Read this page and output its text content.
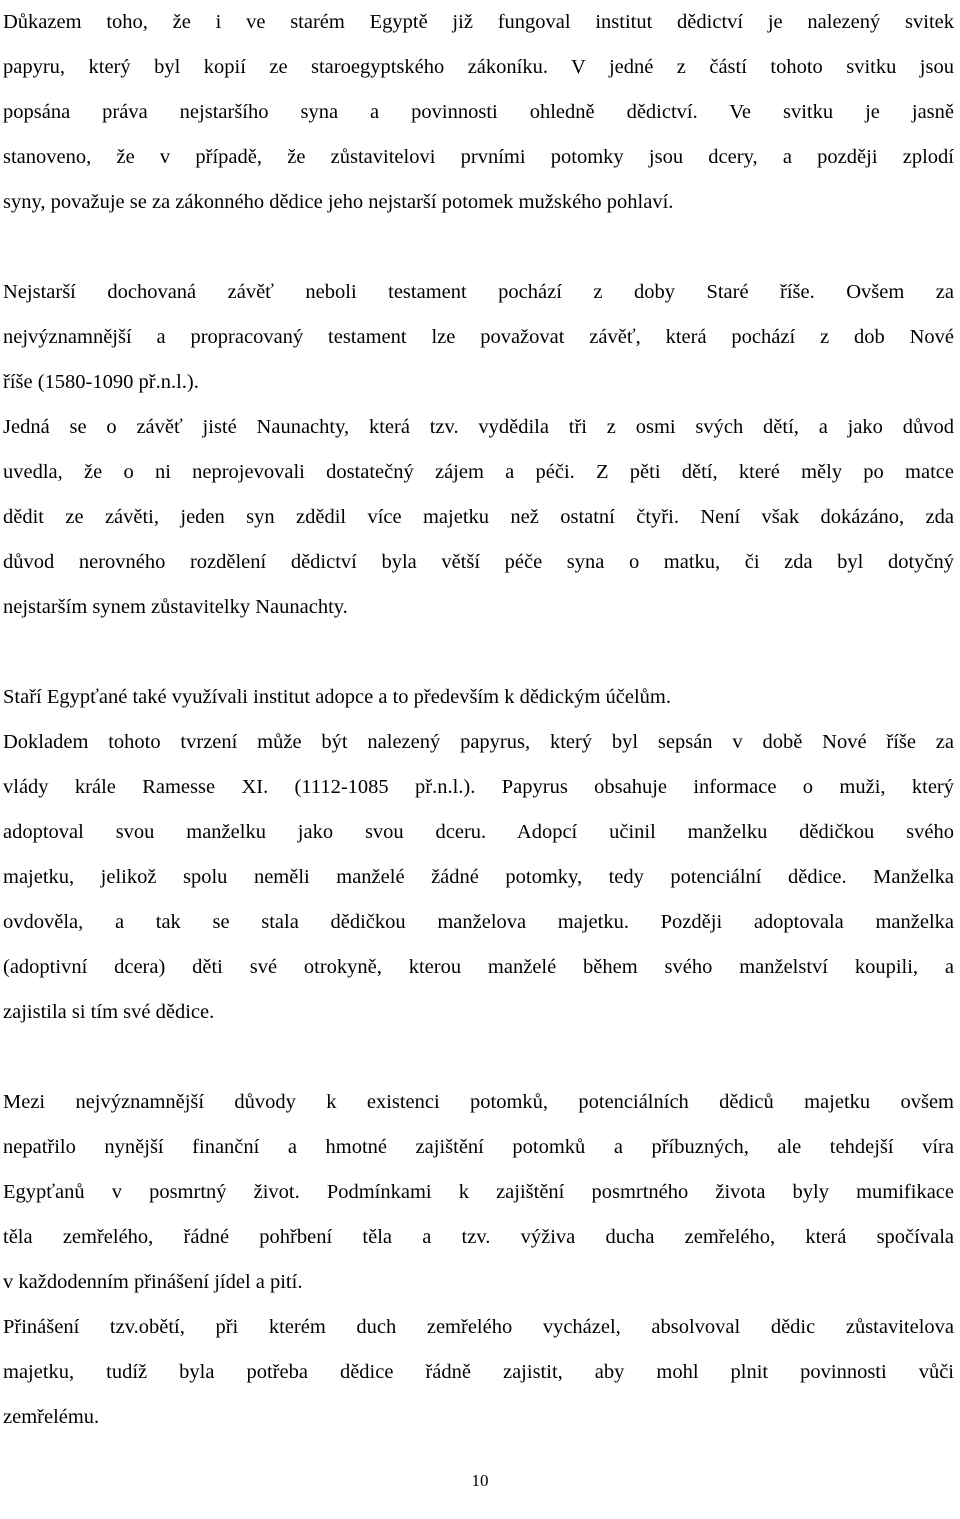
Důkazem toho, že i ve starém Egyptě již fungoval institut dědictví je nalezený svitek
papyru, který byl kopií ze staroegyptského zákoníku. V jedné z částí tohoto svitku jsou
popsána práva nejstaršího syna a povinnosti ohledně dědictví. Ve svitku je jasně
stanoveno, že v případě, že zůstavitelovi prvními potomky jsou dcery, a později zplodí
syny, považuje se za zákonného dědice jeho nejstarší potomek mužského pohlaví.
Nejstarší dochovaná závěť neboli testament pochází z doby Staré říše. Ovšem za
nejvýznamnější a propracovaný testament lze považovat závěť, která pochází z dob Nové
říše (1580-1090 př.n.l.).
Jedná se o závěť jisté Naunachty, která tzv. vydědila tři z osmi svých dětí, a jako důvod
uvedla, že o ni neprojevovali dostatečný zájem a péči. Z pěti dětí, které měly po matce
dědit ze závěti, jeden syn zdědil více majetku než ostatní čtyři. Není však dokázáno, zda
důvod nerovného rozdělení dědictví byla větší péče syna o matku, či zda byl dotyčný
nejstarším synem zůstavitelky Naunachty.
Staří Egypťané také využívali institut adopce a to především k dědickým účelům.
Dokladem tohoto tvrzení může být nalezený papyrus, který byl sepsán v době Nové říše za
vlády krále Ramesse XI. (1112-1085 př.n.l.). Papyrus obsahuje informace o muži, který
adoptoval svou manželku jako svou dceru. Adopcí učinil manželku dědičkou svého
majetku, jelikož spolu neměli manželé žádné potomky, tedy potenciální dědice. Manželka
ovdověla, a tak se stala dědičkou manželova majetku. Později adoptovala manželka
(adoptivní dcera) děti své otrokyně, kterou manželé během svého manželství koupili, a
zajistila si tím své dědice.
Mezi nejvýznamnější důvody k existenci potomků, potenciálních dědiců majetku ovšem
nepatřilo nynější finanční a hmotné zajištění potomků a příbuzných, ale tehdejší víra
Egypťanů v posmrtný život. Podmínkami k zajištění posmrtného života byly mumifikace
těla zemřelého, řádné pohřbení těla a tzv. výživa ducha zemřelého, která spočívala
v každodenním přinášení jídel a pití.
Přinášení tzv.obětí, při kterém duch zemřelého vycházel, absolvoval dědic zůstavitelova
majetku, tudíž byla potřeba dědice řádně zajistit, aby mohl plnit povinnosti vůči
zemřelému.
10
